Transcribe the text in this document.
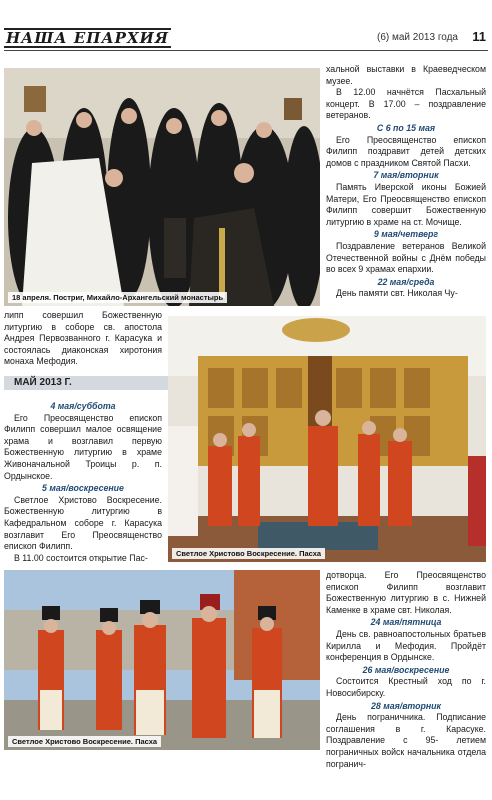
НАША ЕПАРХИЯ	(6) май 2013 года 11
18 апреля. Постриг, Михайло-Архангельский монастырь

хальной выставки в Краеведческом музее.

В 12.00 начнётся Пасхальный концерт. В 17.00 – поздравление ветеранов.

С 6 по 15 мая

Его Преосвященство епископ Филипп поздравит детей детских домов с праздником Святой Пасхи.

7 мая/вторник

Память Иверской иконы Божией Матери, Его Преосвященство епископ Филипп совершит Божественную литургию в храме на ст. Мочище.

9 мая/четверг

Поздравление ветеранов Великой Отечественной войны с Днём победы во всех 9 храмах епархии.

22 мая/среда

День памяти свт. Николая Чу-

липп совершил Божественную литургию в соборе св. апостола Андрея Первозванного г. Карасука и состоялась диаконская хиротония монаха Мефодия.

МАЙ 2013 Г.

4 мая/суббота

Его Преосвященство епископ Филипп совершил малое освящение храма и возглавил первую Божественную литургию в храме Живоначальной Троицы р. п. Ордынское.

5 мая/воскресение

Светлое Христово Воскресение. Божественную литургию в Кафедральном соборе г. Карасука возглавит Его Преосвященство епископ Филипп.

В 11.00 состоится открытие Пас-	Светлое Христово Воскресение. Пасха
Светлое Христово Воскресение. Пасха

дотворца. Его Преосвященство епископ Филипп возглавит Божественную литургию в с. Нижней Каменке в храме свт. Николая.

24 мая/пятница

День св. равноапостольных братьев Кирилла и Мефодия. Пройдёт конференция в Ордынске.

26 мая/воскресение

Состоится Крестный ход по г. Новосибирску.

28 мая/вторник

День пограничника. Подписание соглашения в г. Карасуке. Поздравление с 95- летием пограничных войск начальника отдела погранич-
